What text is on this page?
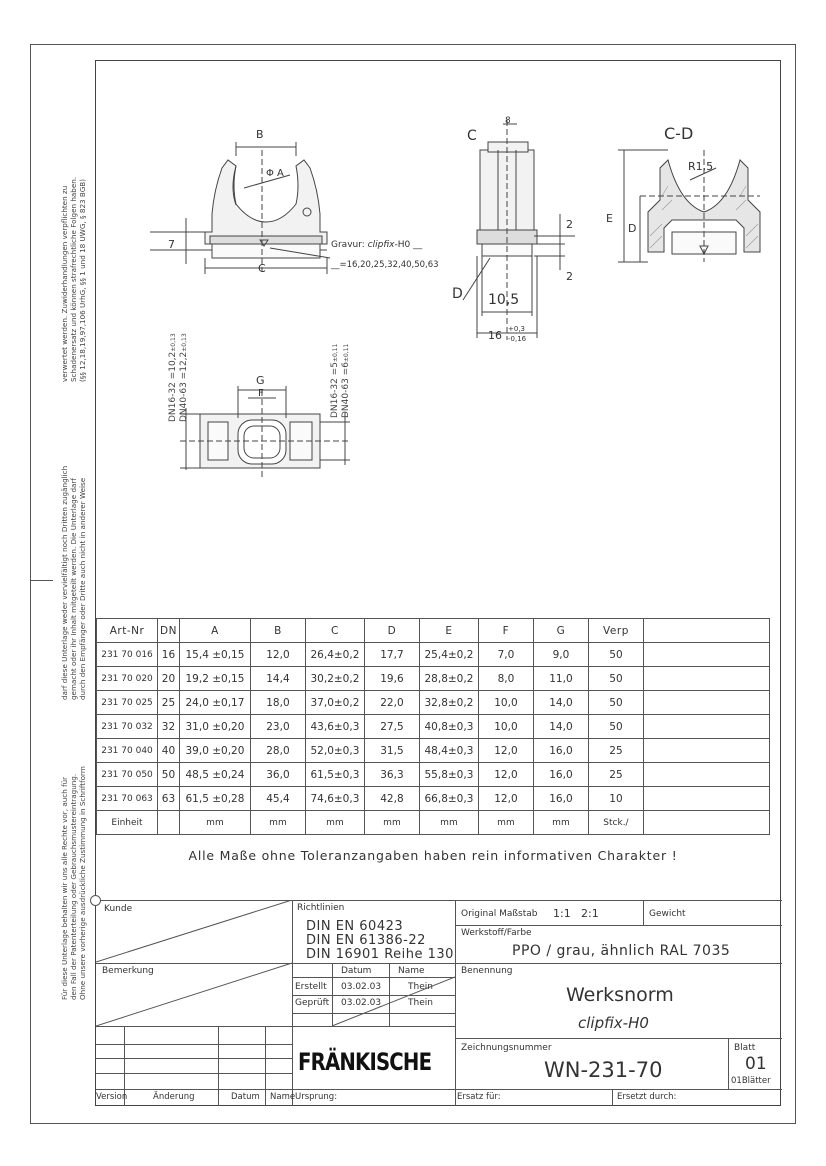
verwertet werden. Zuwiderhandlungen verpflichten zu Schadenersatz und können strafrechtliche Folgen haben. (§§ 12,18,19,97,106 UrhG, §§ 1 und 18 UWG, § 823 BGB)
darf diese Unterlage weder vervielfältigt noch Dritten zugänglich gemacht oder ihr Inhalt mitgeteilt werden. Die Unterlage darf durch den Empfänger oder Dritte auch nicht in anderer Weise
Für diese Unterlage behalten wir uns alle Rechte vor, auch für den Fall der Patenterteilung oder Gebrauchsmustereintragung. Ohne unsere vorherige ausdrückliche Zustimmung in Schriftform
B
Φ A
7
C
Gravur: clipfix-H0 __
__=16,20,25,32,40,50,63
C
8
D
2
2
10,5
16 +0,3
-0,16
C-D
R1,5
E
D
G
F
DN16-32 =10,2±0,13
DN40-63 =12,2±0,13
DN16-32 =5±0,11
DN40-63 =6±0,11
Art-Nr	DN	A	B	C	D	E	F	G	Verp	
231 70 016	16	15,4 ±0,15	12,0	26,4±0,2	17,7	25,4±0,2	7,0	9,0	50	
231 70 020	20	19,2 ±0,15	14,4	30,2±0,2	19,6	28,8±0,2	8,0	11,0	50	
231 70 025	25	24,0 ±0,17	18,0	37,0±0,2	22,0	32,8±0,2	10,0	14,0	50	
231 70 032	32	31,0 ±0,20	23,0	43,6±0,3	27,5	40,8±0,3	10,0	14,0	50	
231 70 040	40	39,0 ±0,20	28,0	52,0±0,3	31,5	48,4±0,3	12,0	16,0	25	
231 70 050	50	48,5 ±0,24	36,0	61,5±0,3	36,3	55,8±0,3	12,0	16,0	25	
231 70 063	63	61,5 ±0,28	45,4	74,6±0,3	42,8	66,8±0,3	12,0	16,0	10	
Einheit		mm	mm	mm	mm	mm	mm	mm	Stck./	
Alle Maße ohne Toleranzangaben haben rein informativen Charakter !
Kunde
Bemerkung
Richtlinien
DIN EN 60423
DIN EN 61386-22
DIN 16901 Reihe 130
Datum	Name
Erstellt 03.02.03	Thein
Geprüft 03.02.03	Thein
FRÄNKISCHE
Original Maßstab 1:1 2:1	Gewicht
Werkstoff/Farbe
PPO / grau, ähnlich RAL 7035
Benennung
Werksnorm
clipfix-H0
Zeichnungsnummer
WN-231-70
Blatt
01
01Blätter
Version	Änderung	Datum Name Ursprung:	Ersatz für:	Ersetzt durch:
